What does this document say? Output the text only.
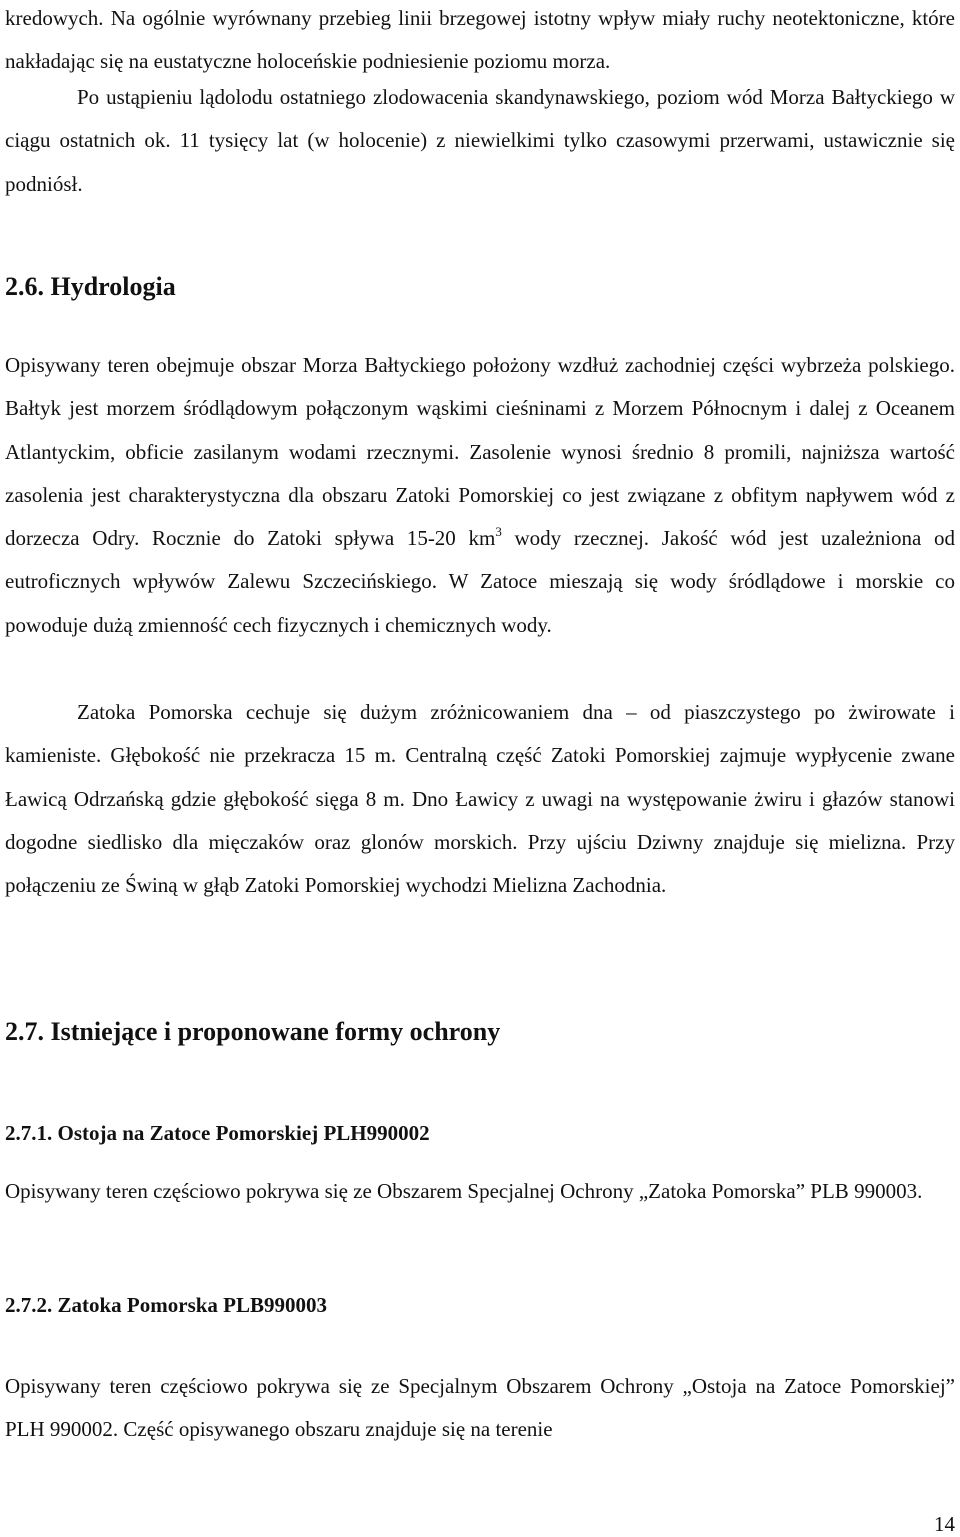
kredowych. Na ogólnie wyrównany przebieg linii brzegowej istotny wpływ miały ruchy neotektoniczne, które nakładając się na eustatyczne holoceńskie podniesienie poziomu morza.

Po ustąpieniu lądolodu ostatniego zlodowacenia skandynawskiego, poziom wód Morza Bałtyckiego w ciągu ostatnich ok. 11 tysięcy lat (w holocenie) z niewielkimi tylko czasowymi przerwami, ustawicznie się podniósł.

2.6. Hydrologia

Opisywany teren obejmuje obszar Morza Bałtyckiego położony wzdłuż zachodniej części wybrzeża polskiego. Bałtyk jest morzem śródlądowym połączonym wąskimi cieśninami z Morzem Północnym i dalej z Oceanem Atlantyckim, obficie zasilanym wodami rzecznymi. Zasolenie wynosi średnio 8 promili, najniższa wartość zasolenia jest charakterystyczna dla obszaru Zatoki Pomorskiej co jest związane z obfitym napływem wód z dorzecza Odry. Rocznie do Zatoki spływa 15-20 $km^3$ wody rzecznej. Jakość wód jest uzależniona od eutroficznych wpływów Zalewu Szczecińskiego. W Zatoce mieszają się wody śródlądowe i morskie co powoduje dużą zmienność cech fizycznych i chemicznych wody.

Zatoka Pomorska cechuje się dużym zróżnicowaniem dna – od piaszczystego po żwirowate i kamieniste. Głębokość nie przekracza 15 m. Centralną część Zatoki Pomorskiej zajmuje wypłycenie zwane Ławicą Odrzańską gdzie głębokość sięga 8 m. Dno Ławicy z uwagi na występowanie żwiru i głazów stanowi dogodne siedlisko dla mięczaków oraz glonów morskich. Przy ujściu Dziwny znajduje się mielizna. Przy połączeniu ze Świną w głąb Zatoki Pomorskiej wychodzi Mielizna Zachodnia.

2.7. Istniejące i proponowane formy ochrony
2.7.1. Ostoja na Zatoce Pomorskiej PLH990002

Opisywany teren częściowo pokrywa się ze Obszarem Specjalnej Ochrony „Zatoka Pomorska” PLB 990003.

2.7.2. Zatoka Pomorska PLB990003

Opisywany teren częściowo pokrywa się ze Specjalnym Obszarem Ochrony „Ostoja na Zatoce Pomorskiej” PLH 990002. Część opisywanego obszaru znajduje się na terenie

14
